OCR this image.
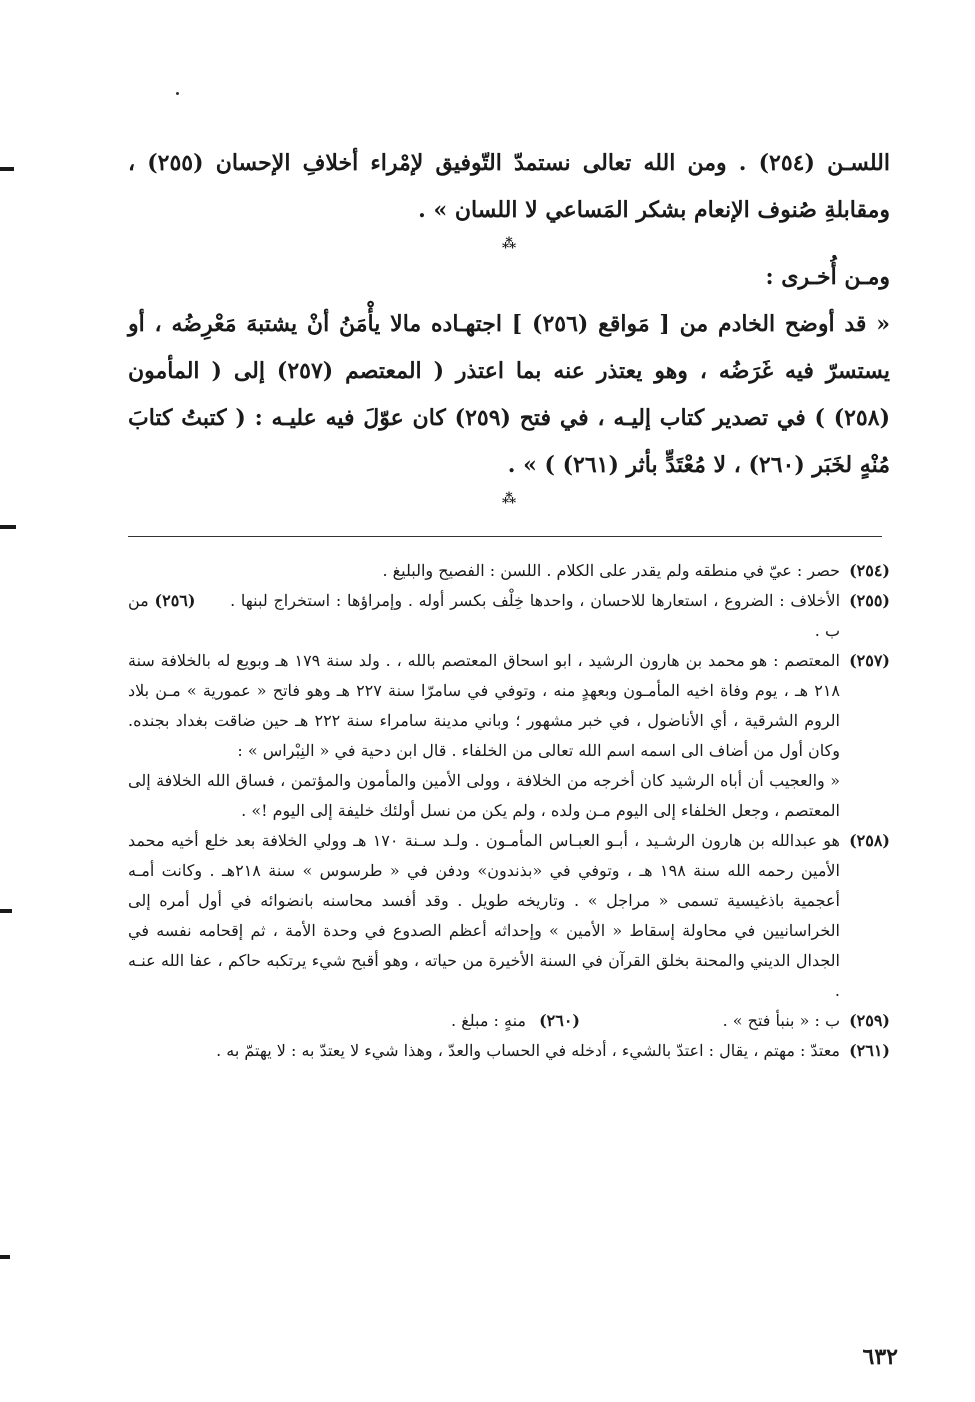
اللسـن (٢٥٤) . ومن الله تعالى نستمدّ التّوفيق لإمْراء أخلافِ الإحسان (٢٥٥) ، ومقابلةِ صُنوف الإنعام بشكر المَساعي لا اللسان » .

⁂

ومـن أُخـرى :

« قد أوضح الخادم من [ مَواقع (٢٥٦) ] اجتهـاده مالا يأْمَنُ أنْ يشتبهَ مَعْرِضُه ، أو يستسرّ فيه غَرَضُه ، وهو يعتذر عنه بما اعتذر ( المعتصم (٢٥٧) إلى ( المأمون (٢٥٨) ) في تصدير كتاب إليـه ، في فتح (٢٥٩) كان عوّلَ فيه عليـه : ( كتبتُ كتابَ مُنْهٍ لخَبَر (٢٦٠) ، لا مُعْتَدٍّ بأثر (٢٦١) ) » .

⁂
(٢٥٤)
حصر : عيّ في منطقه ولم يقدر على الكلام . اللسن : الفصيح والبليغ .
(٢٥٥)
الأخلاف : الضروع ، استعارها للاحسان ، واحدها خِلْف بكسر أوله . وإمراؤها : استخراج لبنها .      (٢٥٦) من ب .
(٢٥٧)
المعتصم : هو محمد بن هارون الرشيد ، ابو اسحاق المعتصم بالله ، . ولد سنة ١٧٩ هـ وبويع له بالخلافة سنة ٢١٨ هـ ، يوم وفاة اخيه المأمـون وبعهدٍ منه ، وتوفي في سامرّا سنة ٢٢٧ هـ وهو فاتح « عمورية » مـن بلاد الروم الشرقية ، أي الأناضول ، في خبر مشهور ؛ وباني مدينة سامراء سنة ٢٢٢ هـ حين ضاقت بغداد بجنده. وكان أول من أضاف الى اسمه اسم الله تعالى من الخلفاء . قال ابن دحية في « النِبْراس » :
« والعجيب أن أباه الرشيد كان أخرجه من الخلافة ، وولى الأمين والمأمون والمؤتمن ، فساق الله الخلافة إلى المعتصم ، وجعل الخلفاء إلى اليوم مـن ولده ، ولم يكن من نسل أولئك خليفة إلى اليوم !» .
(٢٥٨)
هو عبدالله بن هارون الرشـيد ، أبـو العبـاس المأمـون . ولـد سـنة ١٧٠ هـ وولي الخلافة بعد خلع أخيه محمد الأمين رحمه الله سنة ١٩٨ هـ ، وتوفي في «بذندون» ودفن في « طرسوس » سنة ٢١٨هـ . وكانت أمـه أعجمية باذغيسية تسمى « مراجل » . وتاريخه طويل . وقد أفسد محاسنه بانضوائه في أول أمره إلى الخراسانيين في محاولة إسقاط « الأمين » وإحداثه أعظم الصدوع في وحدة الأمة ، ثم إقحامه نفسه في الجدال الديني والمحنة بخلق القرآن في السنة الأخيرة من حياته ، وهو أقبح شيء يرتكبه حاكم ، عفا الله عنـه .
(٢٥٩)
ب : « بنبأ فتح » .
(٢٦٠) منهٍ : مبلغ .
(٢٦١)
معتدّ : مهتم ، يقال : اعتدّ بالشيء ، أدخله في الحساب والعدّ ، وهذا شيء لا يعتدّ به : لا يهتمّ به .
٦٣٢
